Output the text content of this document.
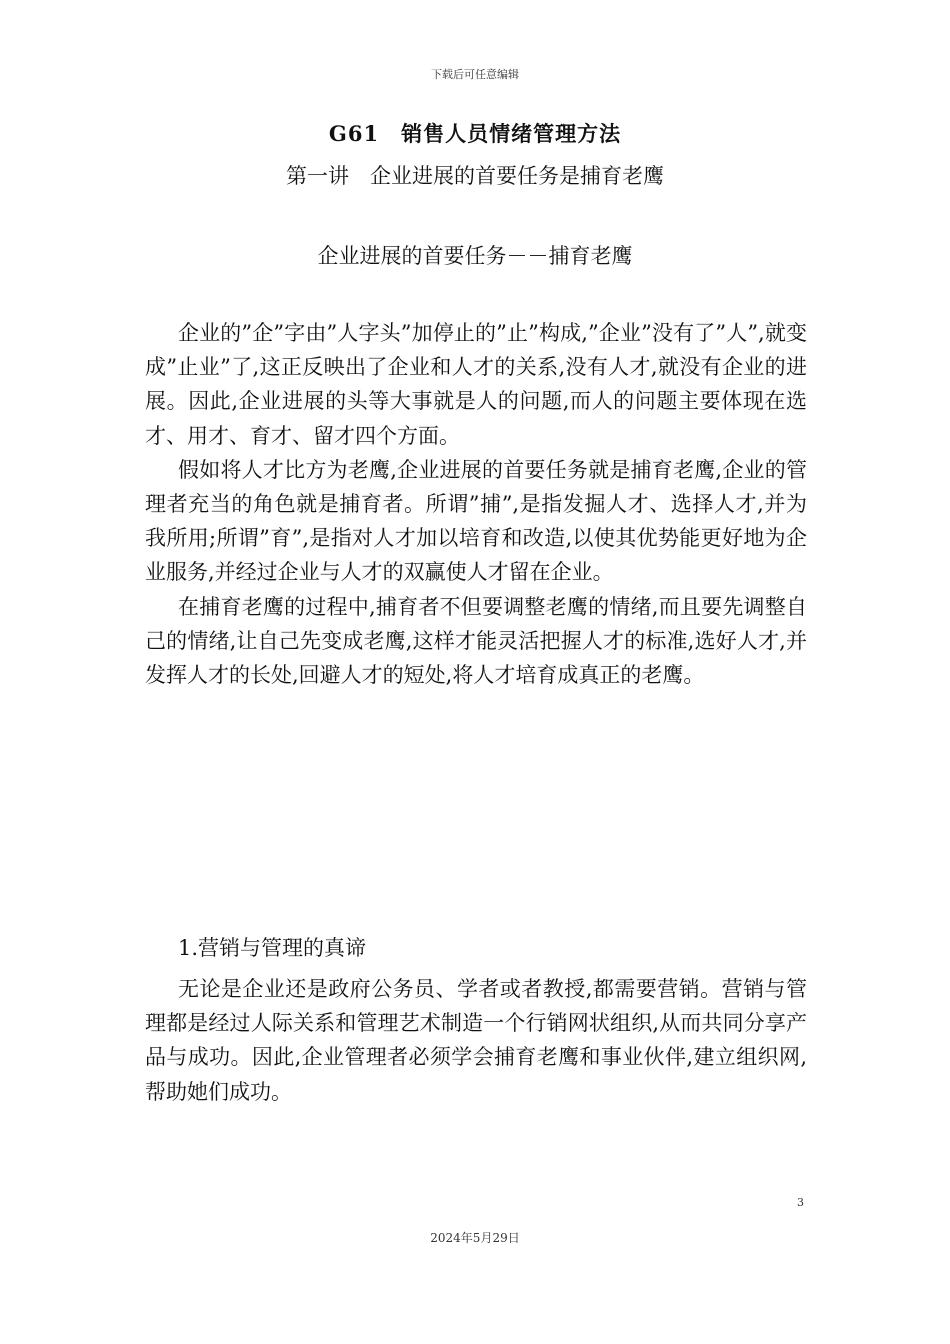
下载后可任意编辑
G61　销售人员情绪管理方法
第一讲　企业进展的首要任务是捕育老鹰
企业进展的首要任务－－捕育老鹰

企业的”企”字由”人字头”加停止的”止”构成,”企业”没有了”人”,就变成”止业”了,这正反映出了企业和人才的关系,没有人才,就没有企业的进展。因此,企业进展的头等大事就是人的问题,而人的问题主要体现在选才、用才、育才、留才四个方面。

假如将人才比方为老鹰,企业进展的首要任务就是捕育老鹰,企业的管理者充当的角色就是捕育者。所谓”捕”,是指发掘人才、选择人才,并为我所用;所谓”育”,是指对人才加以培育和改造,以使其优势能更好地为企业服务,并经过企业与人才的双赢使人才留在企业。

在捕育老鹰的过程中,捕育者不但要调整老鹰的情绪,而且要先调整自己的情绪,让自己先变成老鹰,这样才能灵活把握人才的标准,选好人才,并发挥人才的长处,回避人才的短处,将人才培育成真正的老鹰。

1.营销与管理的真谛

无论是企业还是政府公务员、学者或者教授,都需要营销。营销与管理都是经过人际关系和管理艺术制造一个行销网状组织,从而共同分享产品与成功。因此,企业管理者必须学会捕育老鹰和事业伙伴,建立组织网,帮助她们成功。

3
2024年5月29日
